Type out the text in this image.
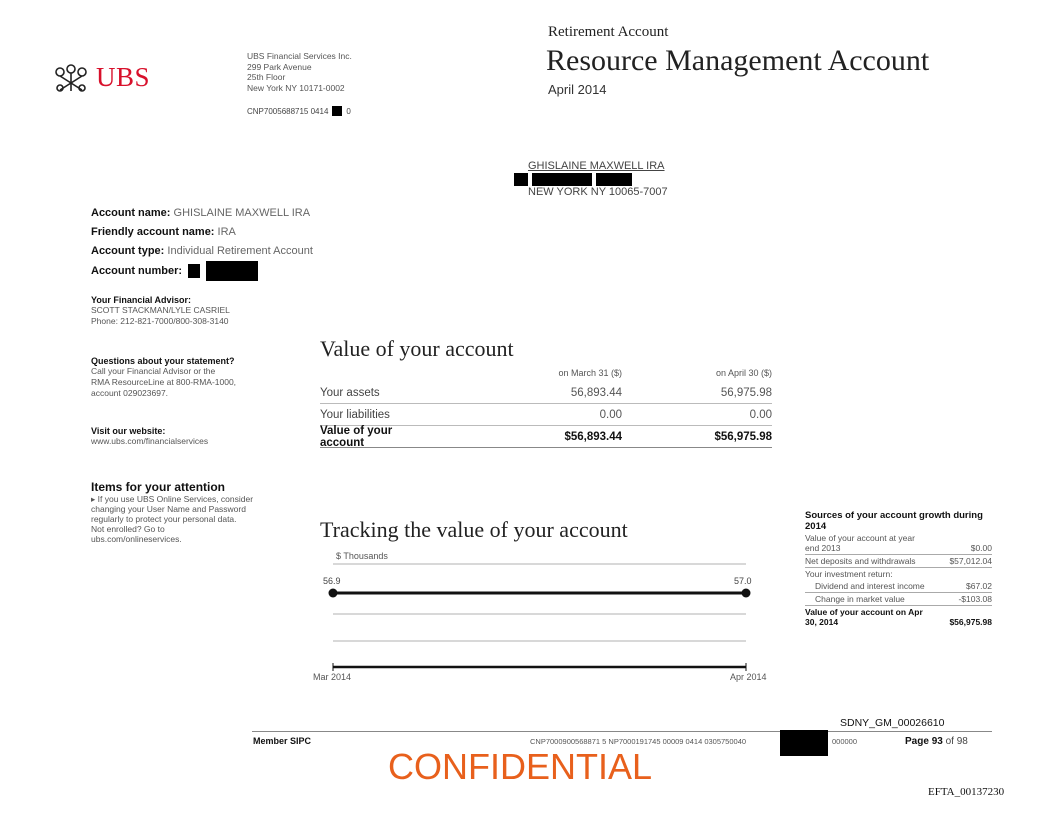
UBS
UBS Financial Services Inc.
299 Park Avenue
25th Floor
New York NY 10171-0002
CNP7005688715 0414 0
Retirement Account
Resource Management Account
April 2014
GHISLAINE MAXWELL IRA
NEW YORK NY 10065-7007
Account name: GHISLAINE MAXWELL IRA
Friendly account name: IRA
Account type: Individual Retirement Account
Account number:
Your Financial Advisor:
SCOTT STACKMAN/LYLE CASRIEL
Phone: 212-821-7000/800-308-3140
Questions about your statement?
Call your Financial Advisor or the
RMA ResourceLine at 800-RMA-1000,
account 029023697.
Visit our website:
www.ubs.com/financialservices
Items for your attention
▸ If you use UBS Online Services, consider
changing your User Name and Password
regularly to protect your personal data.
Not enrolled? Go to
ubs.com/onlineservices.
Value of your account
on March 31 ($)	on April 30 ($)
Your assets	56,893.44	56,975.98
Your liabilities	0.00	0.00
Value of your account	$56,893.44	$56,975.98
Tracking the value of your account
$ Thousands
56.9	57.0
Mar 2014	Apr 2014
Sources of your account growth during 2014
Value of your account at year end 2013	$0.00
Net deposits and withdrawals	$57,012.04
Your investment return:
Dividend and interest income	$67.02
Change in market value	-$103.08
Value of your account on Apr 30, 2014	$56,975.98
SDNY_GM_00026610
Member SIPC	CNP7000900568871 5 NP7000191745 00009 0414 0305750040	000000	Page 93 of 98
CONFIDENTIAL
EFTA_00137230
